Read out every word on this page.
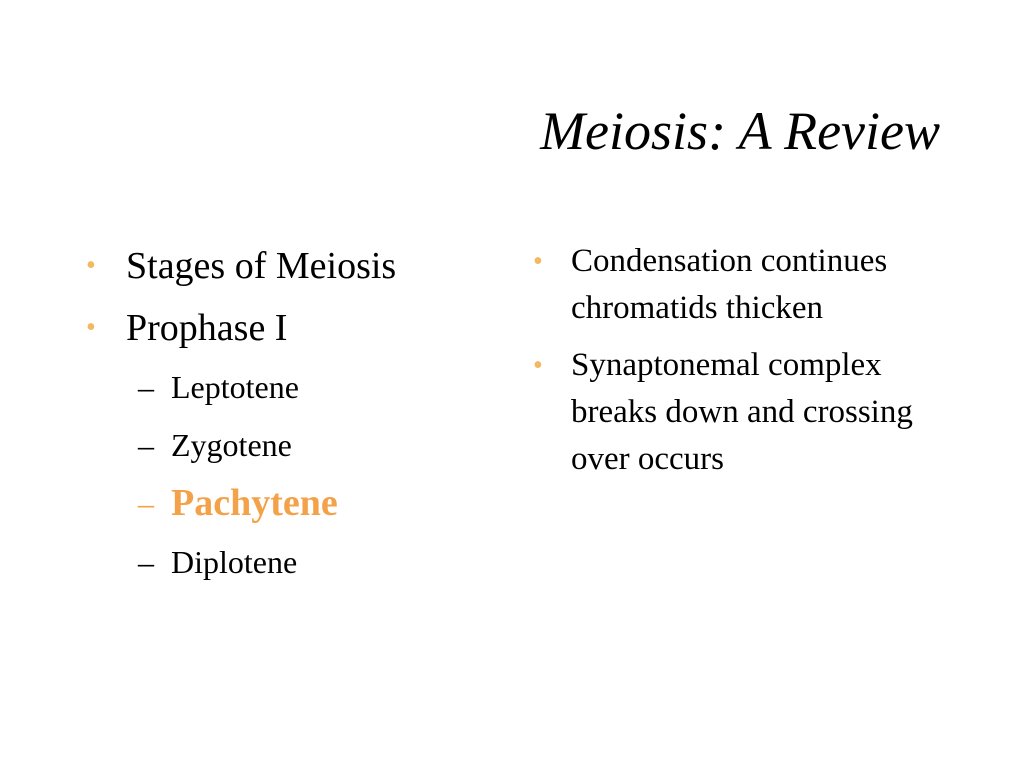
Meiosis: A Review
• Stages of Meiosis
• Prophase I
– Leptotene
– Zygotene
– Pachytene
– Diplotene
• Condensation continues chromatids thicken
• Synaptonemal complex breaks down and crossing over occurs
